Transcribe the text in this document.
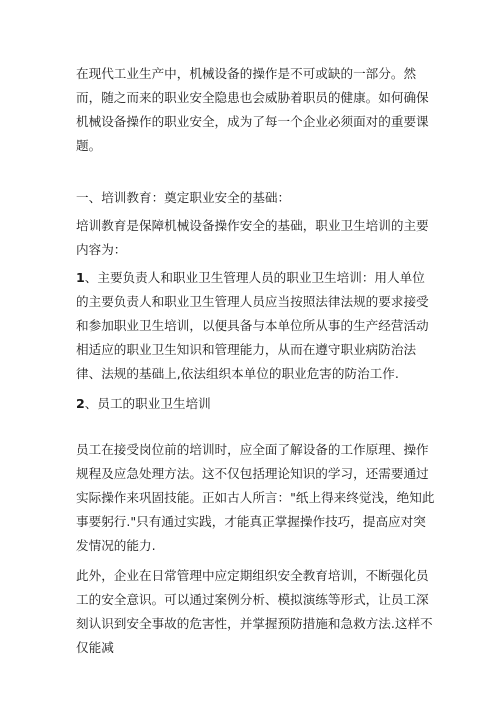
在现代工业生产中，机械设备的操作是不可或缺的一部分。然而，随之而来的职业安全隐患也会威胁着职员的健康。如何确保机械设备操作的职业安全，成为了每一个企业必须面对的重要课题。

一、培训教育：奠定职业安全的基础：

培训教育是保障机械设备操作安全的基础，职业卫生培训的主要内容为：

1、主要负责人和职业卫生管理人员的职业卫生培训：用人单位的主要负责人和职业卫生管理人员应当按照法律法规的要求接受和参加职业卫生培训，以便具备与本单位所从事的生产经营活动相适应的职业卫生知识和管理能力，从而在遵守职业病防治法律、法规的基础上,依法组织本单位的职业危害的防治工作.

2、员工的职业卫生培训

员工在接受岗位前的培训时，应全面了解设备的工作原理、操作规程及应急处理方法。这不仅包括理论知识的学习，还需要通过实际操作来巩固技能。正如古人所言："纸上得来终觉浅，绝知此事要躬行."只有通过实践，才能真正掌握操作技巧，提高应对突发情况的能力.

此外，企业在日常管理中应定期组织安全教育培训，不断强化员工的安全意识。可以通过案例分析、模拟演练等形式，让员工深刻认识到安全事故的危害性，并掌握预防措施和急救方法.这样不仅能减
